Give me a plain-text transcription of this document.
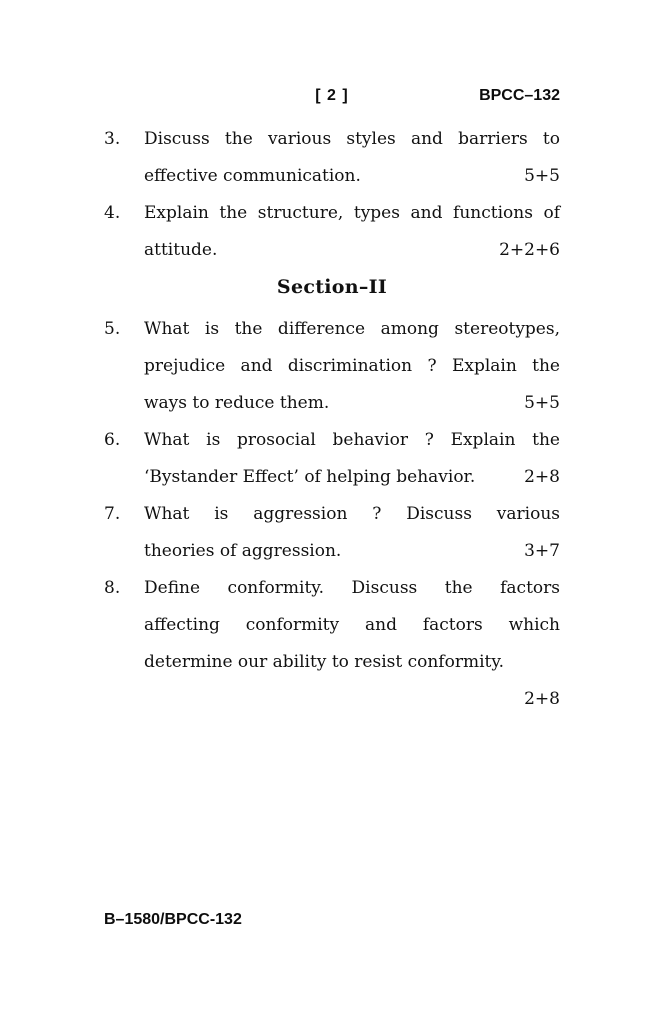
[ 2 ]	BPCC–132
3.	Discuss the various styles and barriers to
effective communication.	5+5
4.	Explain the structure, types and functions of
attitude.	2+2+6
Section–II
5.	What is the difference among stereotypes,
prejudice and discrimination ? Explain the
ways to reduce them.	5+5
6.	What is prosocial behavior ? Explain the
‘Bystander Effect’ of helping behavior.	2+8
7.	What is aggression ? Discuss various
theories of aggression.	3+7
8.	Define conformity. Discuss the factors
affecting conformity and factors which
determine our ability to resist conformity.
2+8
B–1580/BPCC-132
